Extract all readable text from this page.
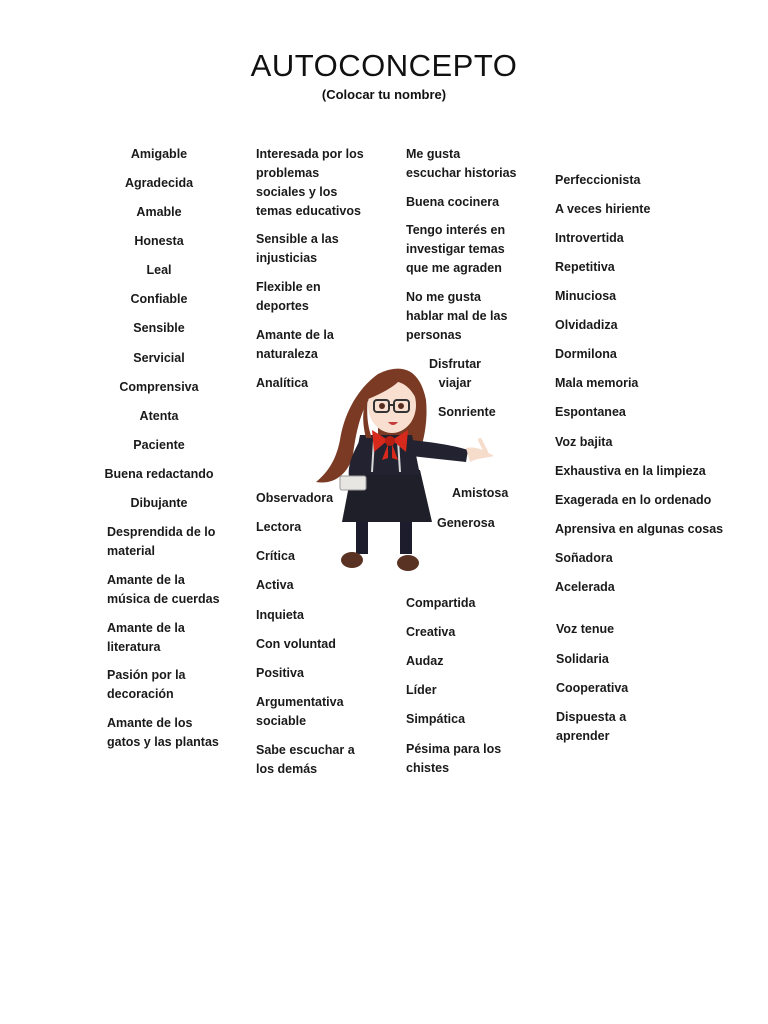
AUTOCONCEPTO
(Colocar tu nombre)
Amigable
Agradecida
Amable
Honesta
Leal
Confiable
Sensible
Servicial
Comprensiva
Atenta
Paciente
Buena redactando
Dibujante
Desprendida de lo
material
Amante de la
música de cuerdas
Amante de la
literatura
Pasión por la
decoración
Amante de los
gatos y las plantas
Interesada por los
problemas
sociales y los
temas educativos
Sensible a las
injusticias
Flexible en
deportes
Amante de la
naturaleza
Analítica
Observadora
Lectora
Crítica
Activa
Inquieta
Con voluntad
Positiva
Argumentativa
sociable
Sabe escuchar a
los demás
Me gusta
escuchar historias
Buena cocinera
Tengo interés en
investigar temas
que me agraden
No me gusta
hablar mal de las
personas
Disfrutar
viajar
Sonriente
Amistosa
Generosa
Compartida
Creativa
Audaz
Líder
Simpática
Pésima para los
chistes
Perfeccionista
A veces hiriente
Introvertida
Repetitiva
Minuciosa
Olvidadiza
Dormilona
Mala memoria
Espontanea
Voz bajita
Exhaustiva en la limpieza
Exagerada en lo ordenado
Aprensiva en algunas cosas
Soñadora
Acelerada
Voz tenue
Solidaria
Cooperativa
Dispuesta a
aprender
